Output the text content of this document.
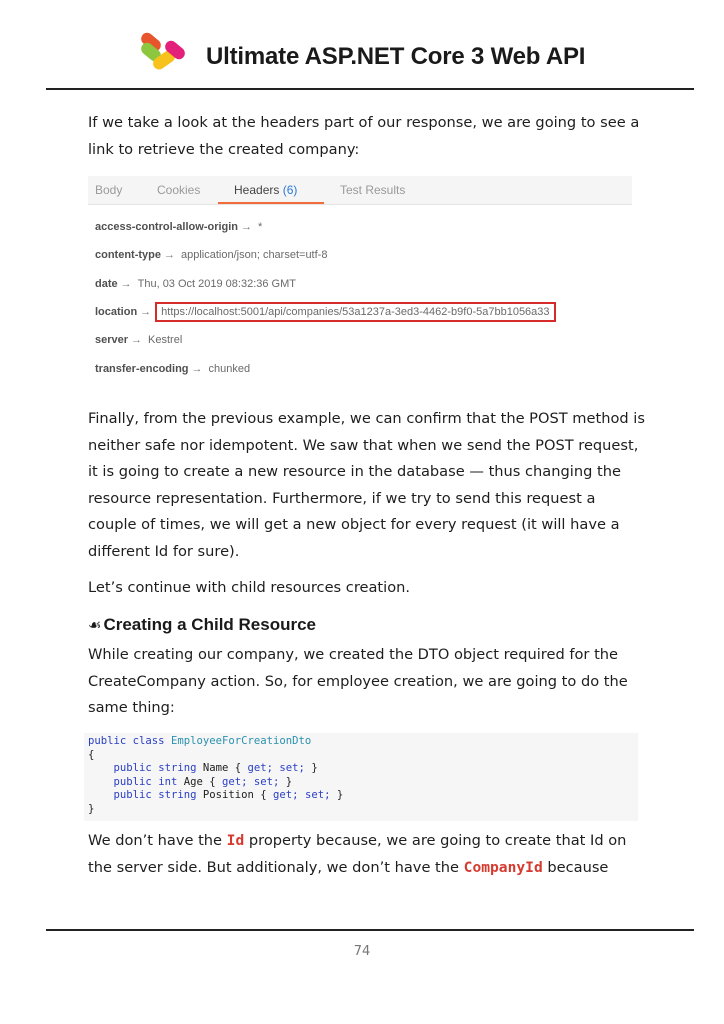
Ultimate ASP.NET Core 3 Web API

If we take a look at the headers part of our response, we are going to see a link to retrieve the created company:

Body	Cookies	Headers (6)	Test Results
access-control-allow-origin → *
content-type → application/json; charset=utf-8
date → Thu, 03 Oct 2019 08:32:36 GMT
location → https://localhost:5001/api/companies/53a1237a-3ed3-4462-b9f0-5a7bb1056a33
server → Kestrel
transfer-encoding → chunked

Finally, from the previous example, we can confirm that the POST method is neither safe nor idempotent. We saw that when we send the POST request, it is going to create a new resource in the database — thus changing the resource representation. Furthermore, if we try to send this request a couple of times, we will get a new object for every request (it will have a different Id for sure).

Let’s continue with child resources creation.

☙ Creating a Child Resource

While creating our company, we created the DTO object required for the CreateCompany action. So, for employee creation, we are going to do the same thing:

public class EmployeeForCreationDto
{
public string Name { get; set; }
public int Age { get; set; }
public string Position { get; set; }
}

We don’t have the Id property because, we are going to create that Id on the server side. But additionaly, we don’t have the CompanyId because

74
